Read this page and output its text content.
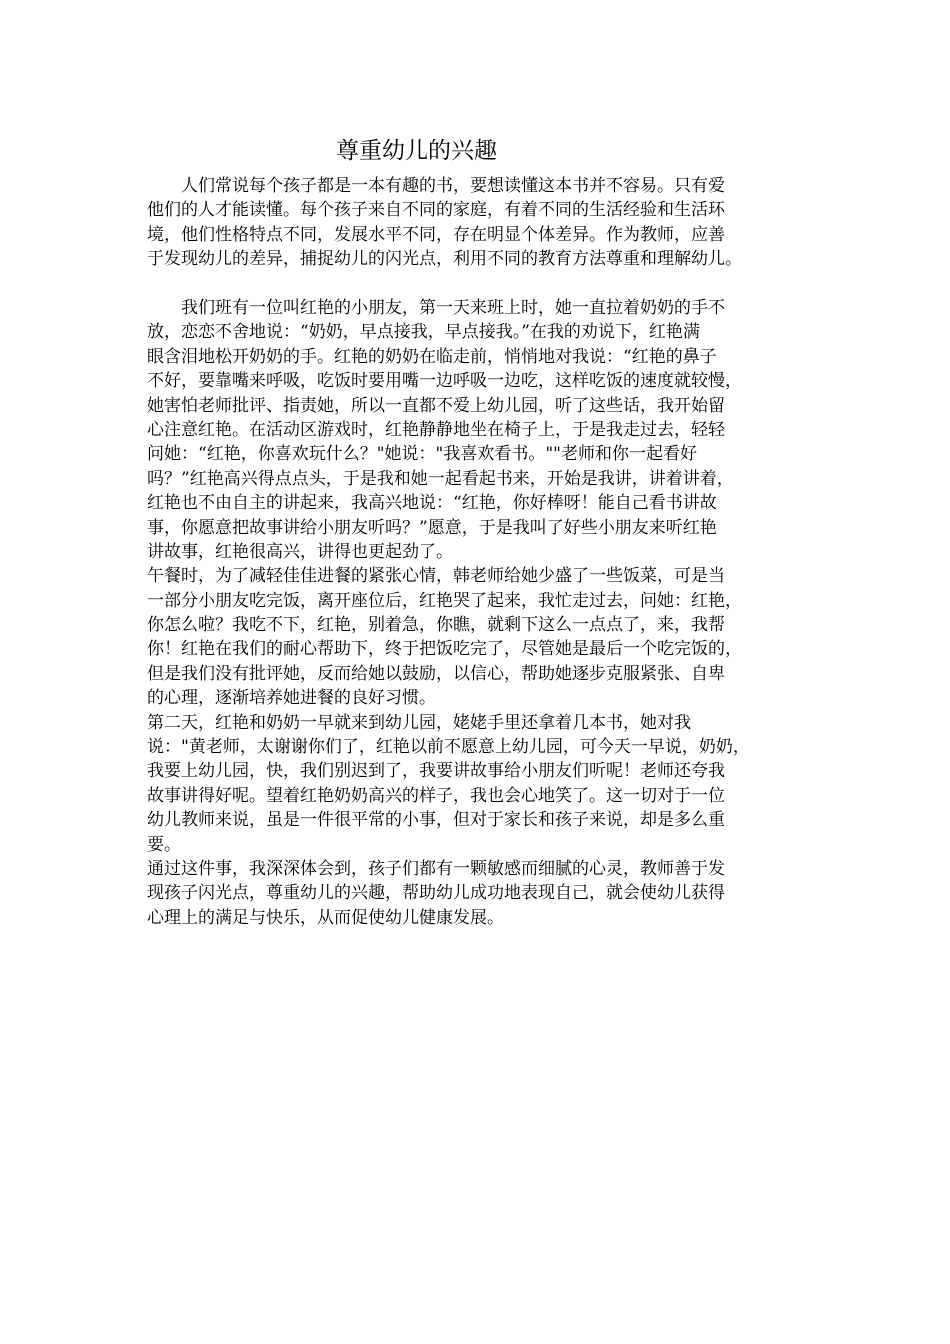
尊重幼儿的兴趣
　　人们常说每个孩子都是一本有趣的书，要想读懂这本书并不容易。只有爱
他们的人才能读懂。每个孩子来自不同的家庭，有着不同的生活经验和生活环
境，他们性格特点不同，发展水平不同，存在明显个体差异。作为教师，应善
于发现幼儿的差异，捕捉幼儿的闪光点，利用不同的教育方法尊重和理解幼儿。
　　我们班有一位叫红艳的小朋友，第一天来班上时，她一直拉着奶奶的手不
放，恋恋不舍地说：“奶奶，早点接我，早点接我。”在我的劝说下，红艳满
眼含泪地松开奶奶的手。红艳的奶奶在临走前，悄悄地对我说：“红艳的鼻子
不好，要靠嘴来呼吸，吃饭时要用嘴一边呼吸一边吃，这样吃饭的速度就较慢，
她害怕老师批评、指责她，所以一直都不爱上幼儿园，听了这些话，我开始留
心注意红艳。在活动区游戏时，红艳静静地坐在椅子上，于是我走过去，轻轻
问她：“红艳，你喜欢玩什么？"她说："我喜欢看书。""老师和你一起看好
吗？”红艳高兴得点点头，于是我和她一起看起书来，开始是我讲，讲着讲着，
红艳也不由自主的讲起来，我高兴地说：“红艳，你好棒呀！能自己看书讲故
事，你愿意把故事讲给小朋友听吗？”愿意，于是我叫了好些小朋友来听红艳
讲故事，红艳很高兴，讲得也更起劲了。
午餐时，为了减轻佳佳进餐的紧张心情，韩老师给她少盛了一些饭菜，可是当
一部分小朋友吃完饭，离开座位后，红艳哭了起来，我忙走过去，问她：红艳，
你怎么啦？我吃不下，红艳，别着急，你瞧，就剩下这么一点点了，来，我帮
你！红艳在我们的耐心帮助下，终于把饭吃完了，尽管她是最后一个吃完饭的，
但是我们没有批评她，反而给她以鼓励，以信心，帮助她逐步克服紧张、自卑
的心理，逐渐培养她进餐的良好习惯。
第二天，红艳和奶奶一早就来到幼儿园，姥姥手里还拿着几本书，她对我
说："黄老师，太谢谢你们了，红艳以前不愿意上幼儿园，可今天一早说，奶奶，
我要上幼儿园，快，我们别迟到了，我要讲故事给小朋友们听呢！老师还夸我
故事讲得好呢。望着红艳奶奶高兴的样子，我也会心地笑了。这一切对于一位
幼儿教师来说，虽是一件很平常的小事，但对于家长和孩子来说，却是多么重
要。
通过这件事，我深深体会到，孩子们都有一颗敏感而细腻的心灵，教师善于发
现孩子闪光点，尊重幼儿的兴趣，帮助幼儿成功地表现自己，就会使幼儿获得
心理上的满足与快乐，从而促使幼儿健康发展。
